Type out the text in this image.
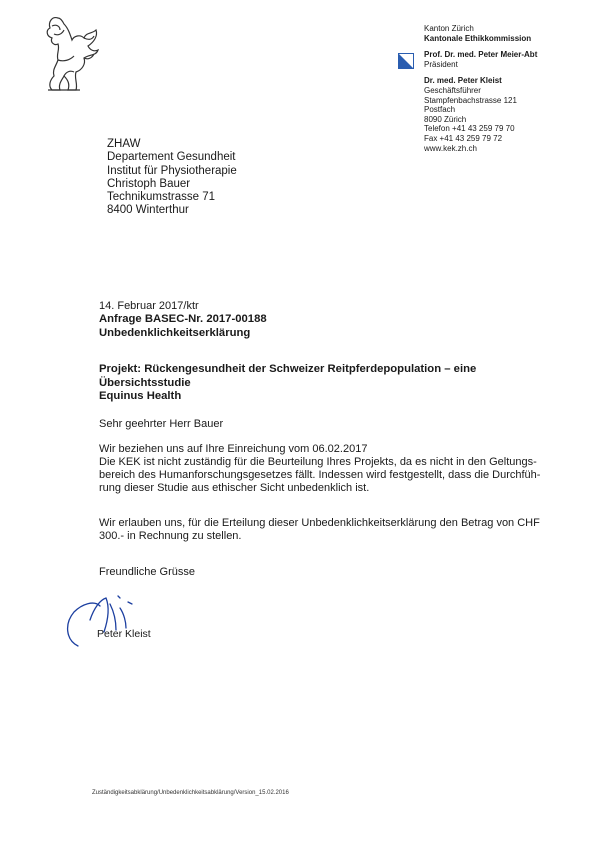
Kanton Zürich
Kantonale Ethikkommission
Prof. Dr. med. Peter Meier-Abt
Präsident
Dr. med. Peter Kleist
Geschäftsführer
Stampfenbachstrasse 121
Postfach
8090 Zürich
Telefon +41 43 259 79 70
Fax +41 43 259 79 72
www.kek.zh.ch
ZHAW
Departement Gesundheit
Institut für Physiotherapie
Christoph Bauer
Technikumstrasse 71
8400 Winterthur
14. Februar 2017/ktr
Anfrage BASEC-Nr. 2017-00188
Unbedenklichkeitserklärung
Projekt: Rückengesundheit der Schweizer Reitpferdepopulation – eine
Übersichtsstudie
Equinus Health
Sehr geehrter Herr Bauer
Wir beziehen uns auf Ihre Einreichung vom 06.02.2017
Die KEK ist nicht zuständig für die Beurteilung Ihres Projekts, da es nicht in den Geltungs-
bereich des Humanforschungsgesetzes fällt. Indessen wird festgestellt, dass die Durchfüh-
rung dieser Studie aus ethischer Sicht unbedenklich ist.
Wir erlauben uns, für die Erteilung dieser Unbedenklichkeitserklärung den Betrag von CHF
300.- in Rechnung zu stellen.
Freundliche Grüsse
Peter Kleist
Zuständigkeitsabklärung/Unbedenklichkeitsabklärung/Version_15.02.2016
